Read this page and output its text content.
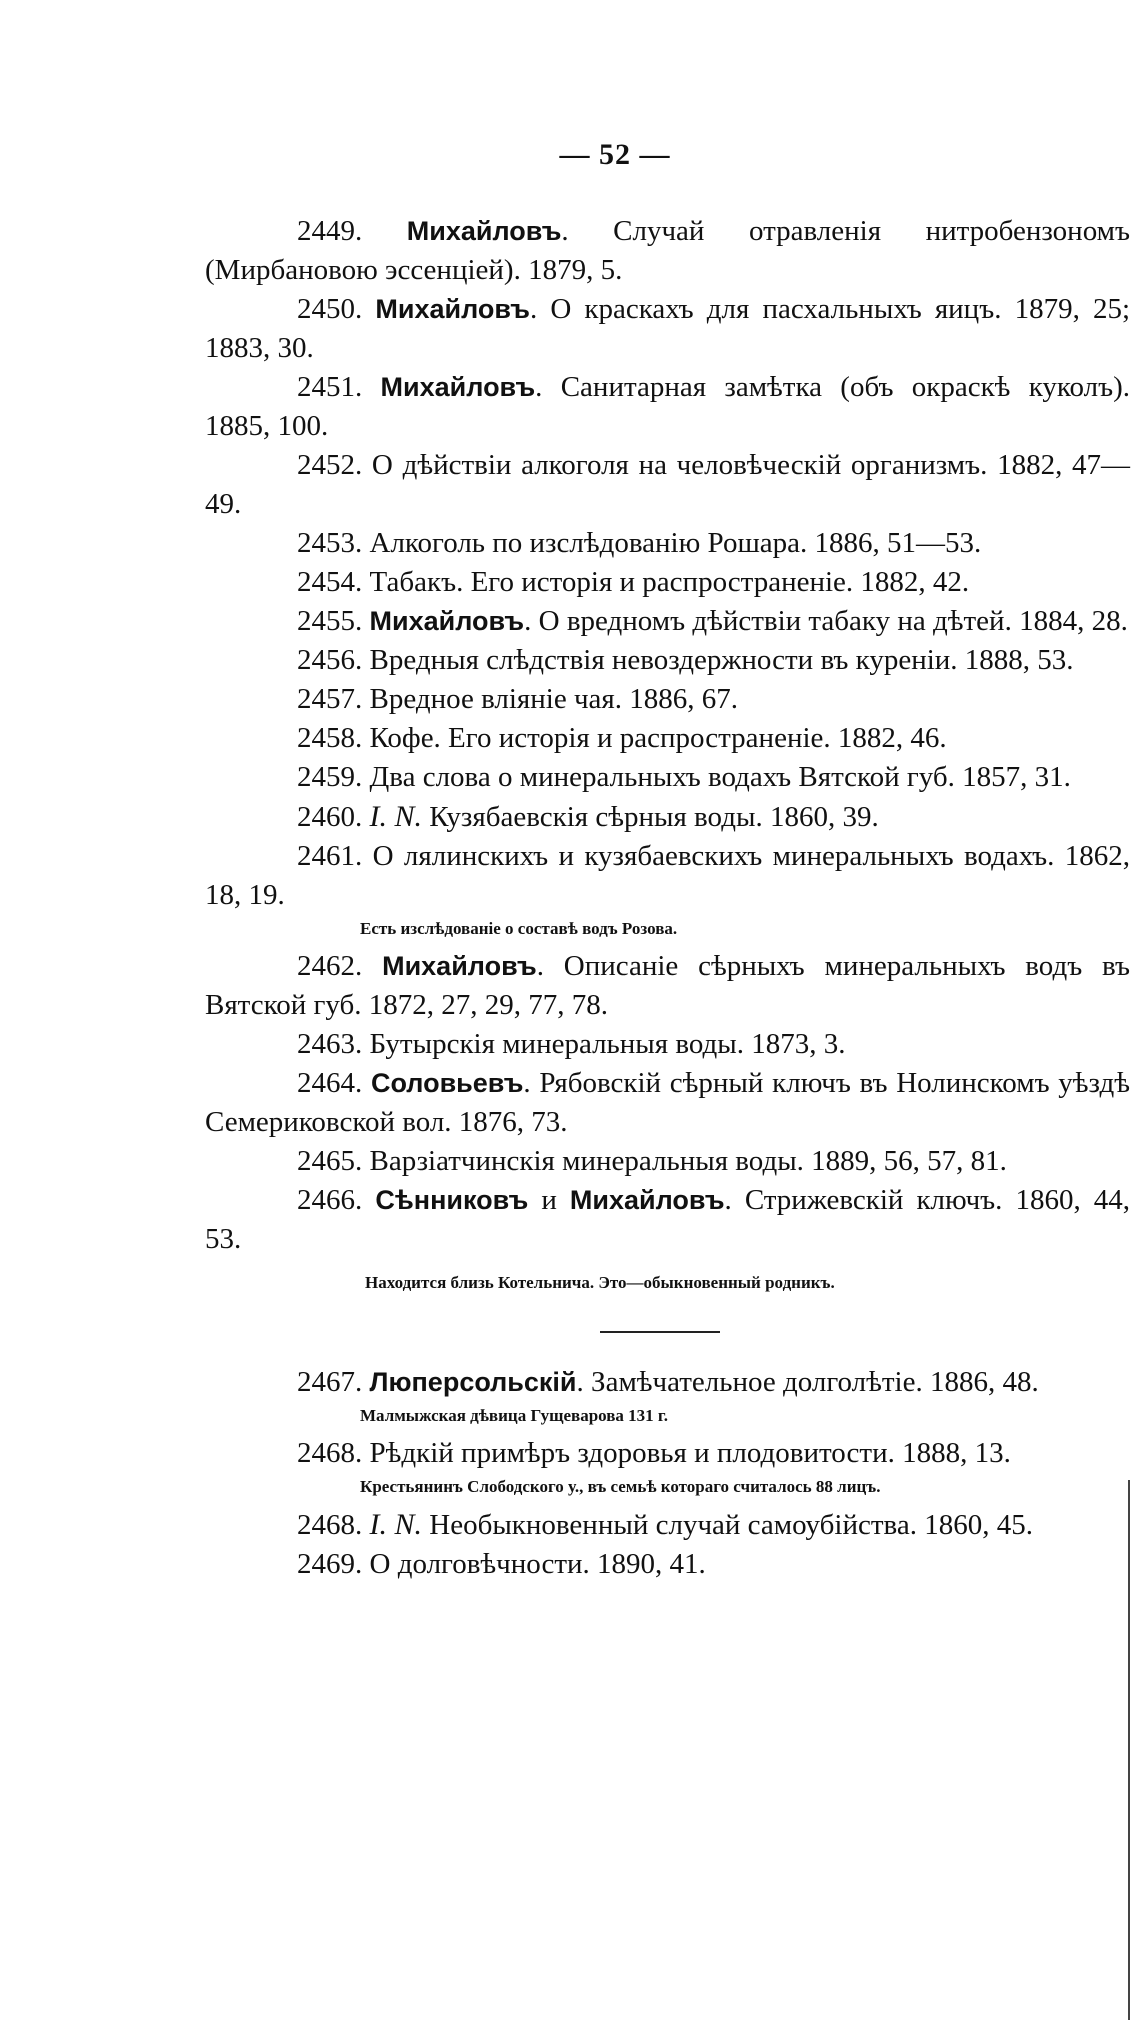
— 52 —

2449. Михайловъ. Случай отравленія нитробензономъ (Мирбановою эссенціей). 1879, 5.

2450. Михайловъ. О краскахъ для пасхальныхъ яицъ. 1879, 25; 1883, 30.

2451. Михайловъ. Санитарная замѣтка (объ окраскѣ куколъ). 1885, 100.

2452. О дѣйствіи алкоголя на человѣческій организмъ. 1882, 47—49.

2453. Алкоголь по изслѣдованію Рошара. 1886, 51—53.

2454. Табакъ. Его исторія и распространеніе. 1882, 42.

2455. Михайловъ. О вредномъ дѣйствіи табаку на дѣтей. 1884, 28.

2456. Вредныя слѣдствія невоздержности въ куреніи. 1888, 53.

2457. Вредное вліяніе чая. 1886, 67.

2458. Кофе. Его исторія и распространеніе. 1882, 46.

2459. Два слова о минеральныхъ водахъ Вятской губ. 1857, 31.

2460. I. N. Кузябаевскія сѣрныя воды. 1860, 39.

2461. О лялинскихъ и кузябаевскихъ минеральныхъ водахъ. 1862, 18, 19.

Есть изслѣдованіе о составѣ водъ Розова.

2462. Михайловъ. Описаніе сѣрныхъ минеральныхъ водъ въ Вятской губ. 1872, 27, 29, 77, 78.

2463. Бутырскія минеральныя воды. 1873, 3.

2464. Соловьевъ. Рябовскій сѣрный ключъ въ Нолинскомъ уѣздѣ Семериковской вол. 1876, 73.

2465. Варзіатчинскія минеральныя воды. 1889, 56, 57, 81.

2466. Сѣнниковъ и Михайловъ. Стрижевскій ключъ. 1860, 44, 53.

Находится близь Котельнича. Это—обыкновенный родникъ.

2467. Люперсольскій. Замѣчательное долголѣтіе. 1886, 48.

Малмыжская дѣвица Гущеварова 131 г.

2468. Рѣдкій примѣръ здоровья и плодовитости. 1888, 13.

Крестьянинъ Слободского у., въ семьѣ котораго считалось 88 лицъ.

2468. I. N. Необыкновенный случай самоубійства. 1860, 45.

2469. О долговѣчности. 1890, 41.
